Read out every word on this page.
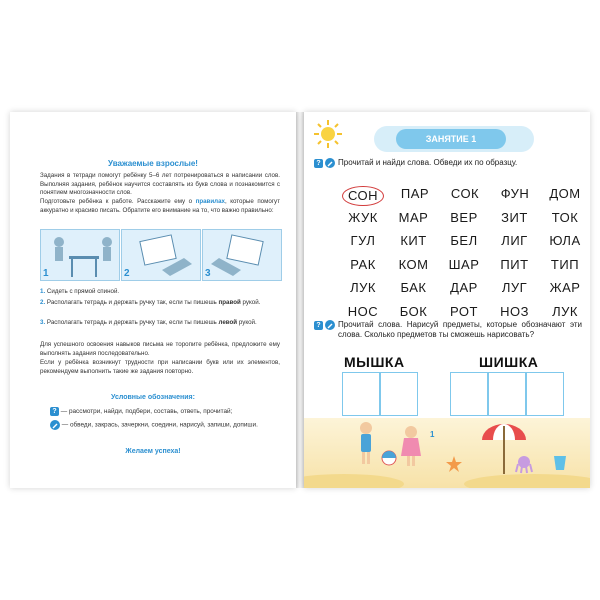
Уважаемые взрослые!

Задания в тетради помогут ребёнку 5–6 лет потренироваться в написании слов. Выполняя задания, ребёнок научится составлять из букв слова и познакомится с понятием многозначности слов.

Подготовьте ребёнка к работе. Расскажите ему о правилах, которые помогут аккуратно и красиво писать. Обратите его внимание на то, что важно правильно:

1	2	3
1. Сидеть с прямой спиной.
2. Располагать тетрадь и держать ручку так, если ты пишешь правой рукой.
3. Располагать тетрадь и держать ручку так, если ты пишешь левой рукой.

Для успешного освоения навыков письма не торопите ребёнка, предложите ему выполнять задания последовательно.

Если у ребёнка возникнут трудности при написании букв или их элементов, рекомендуем выполнить такие же задания повторно.

Условные обозначения:
? — рассмотри, найди, подбери, составь, ответь, прочитай;
— обведи, закрась, зачеркни, соедини, нарисуй, запиши, допиши.
Желаем успеха!
ЗАНЯТИЕ 1
?	Прочитай и найди слова. Обведи их по образцу.
СОН	ПАР	СОК	ФУН	ДОМ
ЖУК	МАР	ВЕР	ЗИТ	ТОК
ГУЛ	КИТ	БЕЛ	ЛИГ	ЮЛА
РАК	КОМ	ШАР	ПИТ	ТИП
ЛУК	БАК	ДАР	ЛУГ	ЖАР
НОС	БОК	РОТ	НОЗ	ЛУК
?	Прочитай слова. Нарисуй предметы, которые обозначают эти слова. Сколько предметов ты сможешь нарисовать?
МЫШКА	ШИШКА
1
